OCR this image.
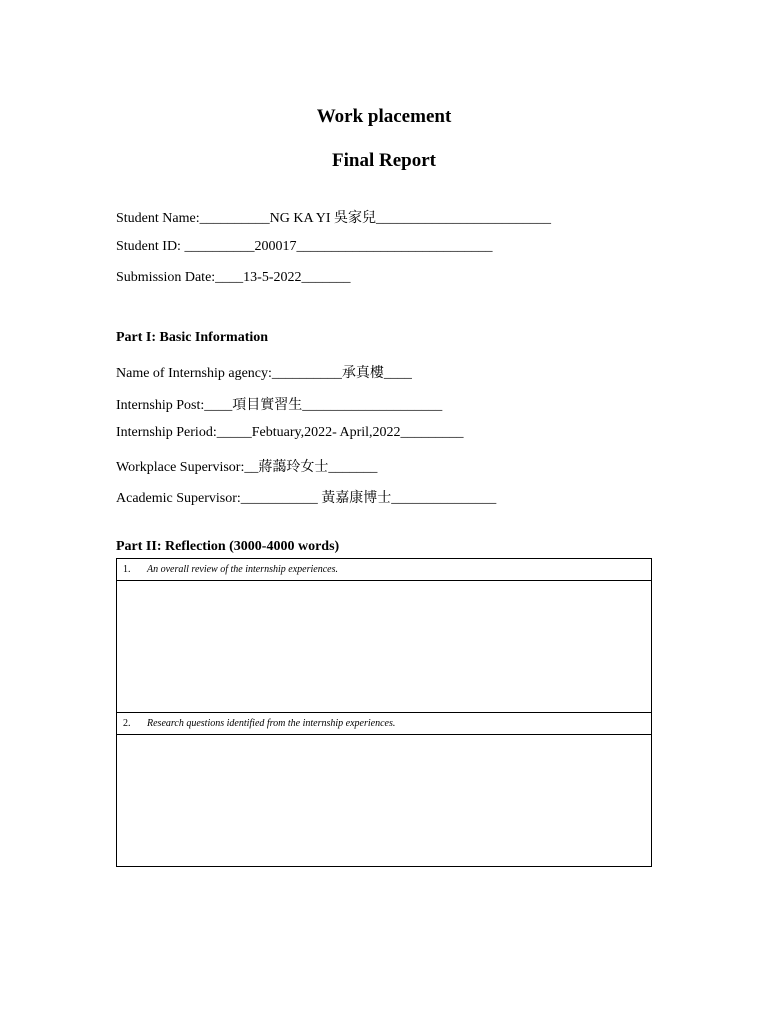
Work placement
Final Report
Student Name:__________NG KA YI 吳家兒_________________________
Student ID: __________200017____________________________
Submission Date:____13-5-2022_______
Part I: Basic Information
Name of Internship agency:__________承真樓____
Internship Post:____項目實習生____________________
Internship Period:_____Febtuary,2022- April,2022_________
Workplace Supervisor:__蔣藹玲女士_______
Academic Supervisor:___________ 黃嘉康博士_______________
Part II: Reflection (3000-4000 words)
1. An overall review of the internship experiences.

2. Research questions identified from the internship experiences.
